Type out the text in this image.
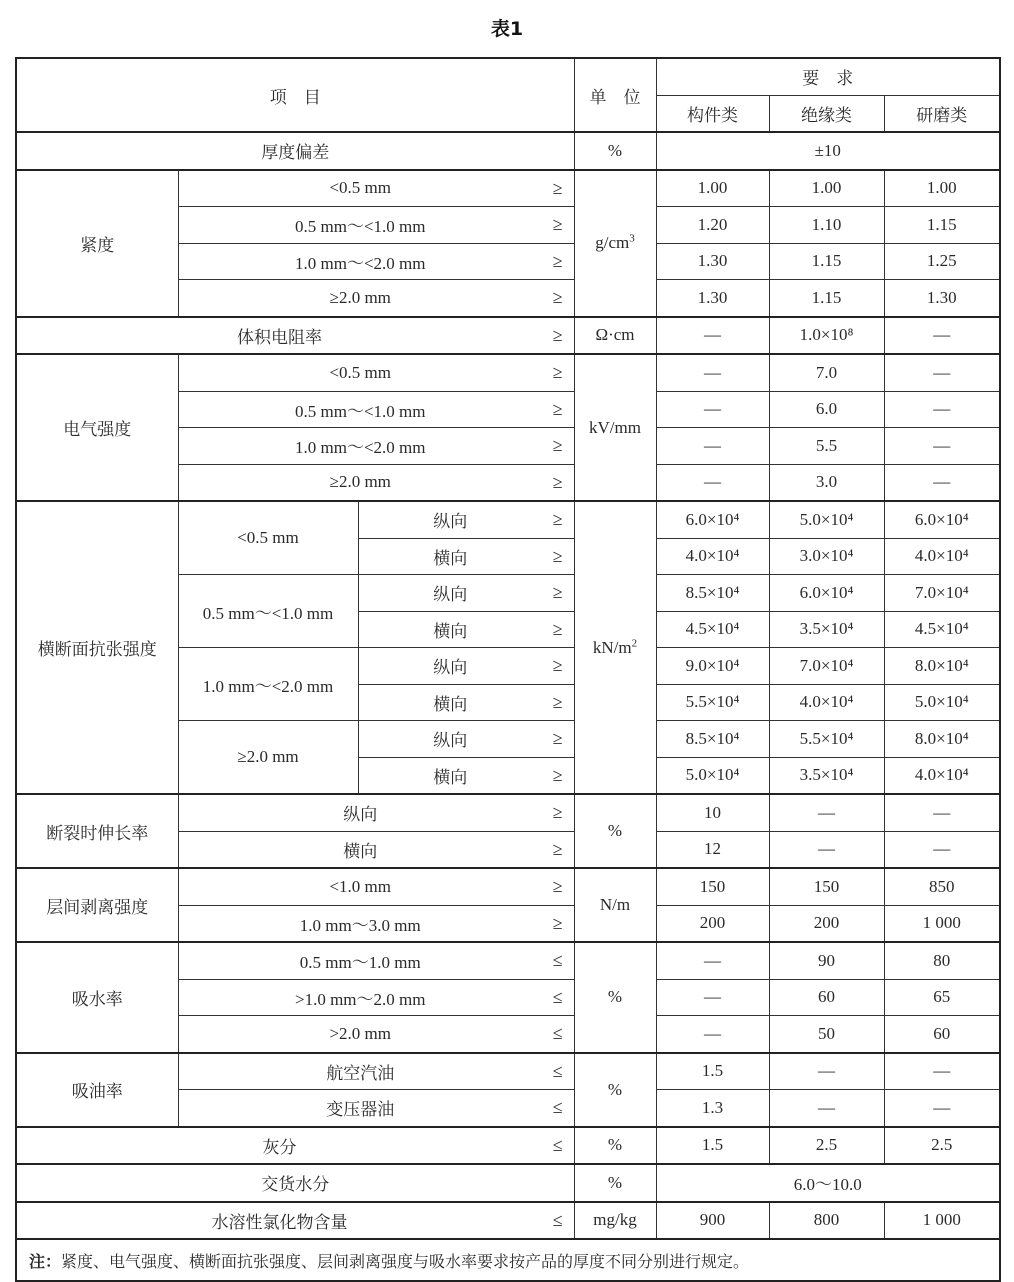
表1
项　目				单　位	要　求		
					构件类	绝缘类	研磨类
厚度偏差				%	±10		
紧度	<0.5 mm		≥	$g/cm^3$	1.00	1.00	1.00
	0.5 mm～<1.0 mm		≥		1.20	1.10	1.15
	1.0 mm～<2.0 mm		≥		1.30	1.15	1.25
	≥2.0 mm		≥		1.30	1.15	1.30
体积电阻率			≥	Ω·cm	—	1.0×10⁸	—
电气强度	<0.5 mm		≥	kV/mm	—	7.0	—
	0.5 mm～<1.0 mm		≥		—	6.0	—
	1.0 mm～<2.0 mm		≥		—	5.5	—
	≥2.0 mm		≥		—	3.0	—
横断面抗张强度	<0.5 mm	纵向	≥	$kN/m^2$	6.0×10⁴	5.0×10⁴	6.0×10⁴
		横向	≥		4.0×10⁴	3.0×10⁴	4.0×10⁴
	0.5 mm～<1.0 mm	纵向	≥		8.5×10⁴	6.0×10⁴	7.0×10⁴
		横向	≥		4.5×10⁴	3.5×10⁴	4.5×10⁴
	1.0 mm～<2.0 mm	纵向	≥		9.0×10⁴	7.0×10⁴	8.0×10⁴
		横向	≥		5.5×10⁴	4.0×10⁴	5.0×10⁴
	≥2.0 mm	纵向	≥		8.5×10⁴	5.5×10⁴	8.0×10⁴
		横向	≥		5.0×10⁴	3.5×10⁴	4.0×10⁴
断裂时伸长率	纵向		≥	%	10	—	—
	横向		≥		12	—	—
层间剥离强度	<1.0 mm		≥	N/m	150	150	850
	1.0 mm～3.0 mm		≥		200	200	1 000
吸水率	0.5 mm～1.0 mm		≤	%	—	90	80
	>1.0 mm～2.0 mm		≤		—	60	65
	>2.0 mm		≤		—	50	60
吸油率	航空汽油		≤	%	1.5	—	—
	变压器油		≤		1.3	—	—
灰分			≤	%	1.5	2.5	2.5
交货水分				%	6.0～10.0		
水溶性氯化物含量			≤	mg/kg	900	800	1 000
注：紧度、电气强度、横断面抗张强度、层间剥离强度与吸水率要求按产品的厚度不同分别进行规定。							
